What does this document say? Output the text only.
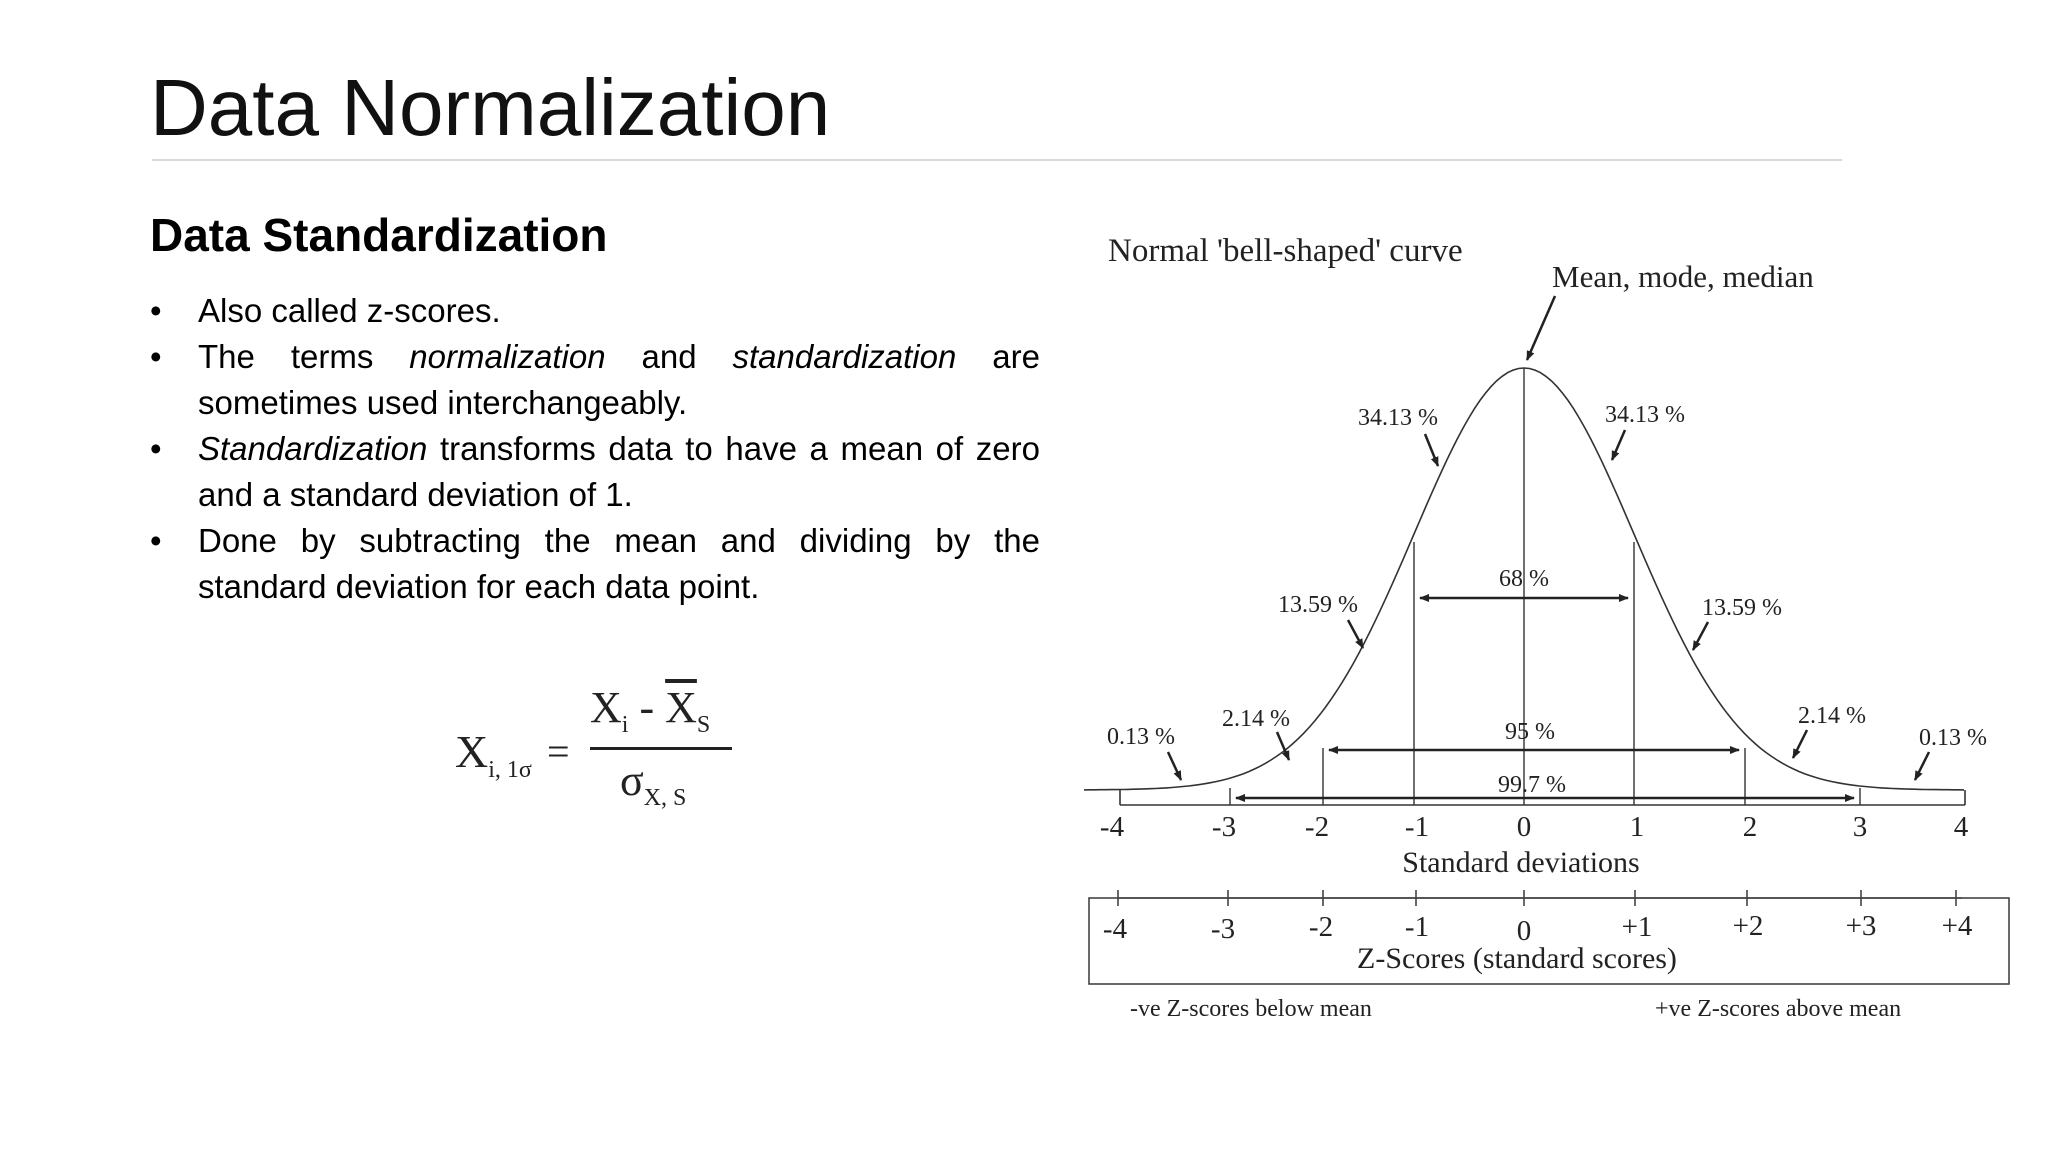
Data Normalization
Data Standardization
• Also called z-scores.
• The terms normalization and standardization are sometimes used interchangeably.
• Standardization transforms data to have a mean of zero and a standard deviation of 1.
• Done by subtracting the mean and dividing by the standard deviation for each data point.
$X_{i, 1\sigma}$ =
$X_i - \overline{X}_S$
$\sigma_{X, S}$
Normal 'bell-shaped' curve
Mean, mode, median
68 %
95 %
99.7 %
34.13 %	34.13 %
13.59 %	13.59 %
2.14 %	2.14 %
0.13 %	0.13 %
-4	-3 -2	-1	0	1	2	3	4
Standard deviations
-4	-3	-2 -1	0	+1	+2	+3 +4
Z-Scores (standard scores)
-ve Z-scores below mean	+ve Z-scores above mean
